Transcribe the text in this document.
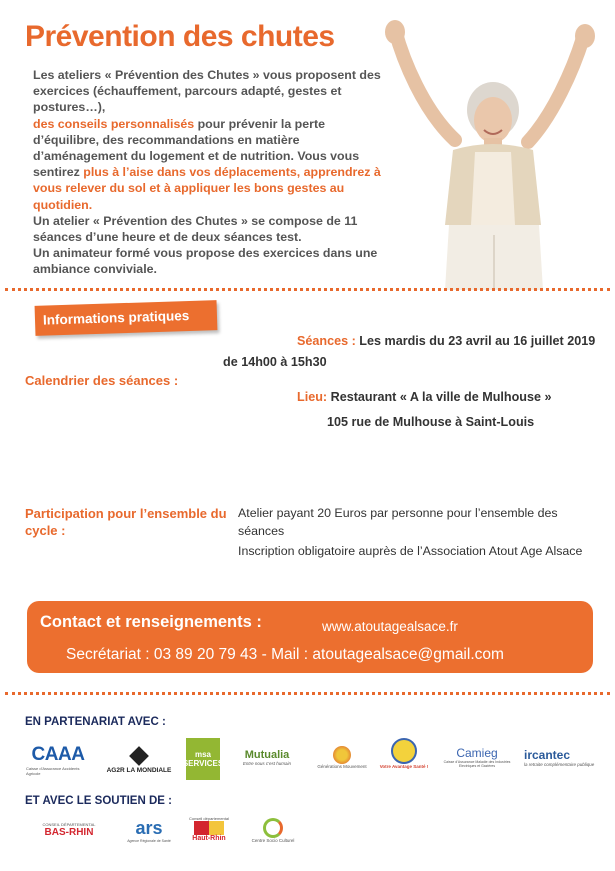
Prévention des chutes
Les ateliers « Prévention des Chutes » vous proposent des exercices (échauffement, parcours adapté, gestes et postures…),
des conseils personnalisés pour prévenir la perte d’équilibre, des recommandations en matière d’aménagement du logement et de nutrition. Vous vous sentirez plus à l’aise dans vos déplacements, apprendrez à vous relever du sol et à appliquer les bons gestes au quotidien.
Un atelier « Prévention des Chutes » se compose de 11 séances d’une heure et de deux séances test.
Un animateur formé vous propose des exercices dans une ambiance conviviale.
Informations pratiques
Séances : Les mardis du 23 avril au 16 juillet 2019
de 14h00 à 15h30
Calendrier des séances :
Lieu: Restaurant « A la ville de Mulhouse »
105 rue de Mulhouse à Saint-Louis
Participation pour l’ensemble du cycle :
Atelier payant 20 Euros par personne pour l’ensemble des séances
Inscription obligatoire auprès de l’Association Atout Age Alsace
Contact et renseignements :	www.atoutagealsace.fr
Secrétariat : 03 89 20 79 43 - Mail : atoutagealsace@gmail.com
EN PARTENARIAT AVEC :
CAAA
Caisse d'Assurance Accidents Agricole	AG2R LA MONDIALE
msa SERVICES
Mutualia
Entre nous c'est humain
Générations Mouvement	Votre Avantage Santé !
Camieg
Caisse d'Assurance Maladie des Industries Electriques et Gazières
ircantec
la retraite complémentaire publique
ET AVEC LE SOUTIEN DE :
CONSEIL DÉPARTEMENTAL
BAS-RHIN ars
Agence Régionale de Santé
Conseil départemental
Haut-Rhin	Centre Socio Culturel
